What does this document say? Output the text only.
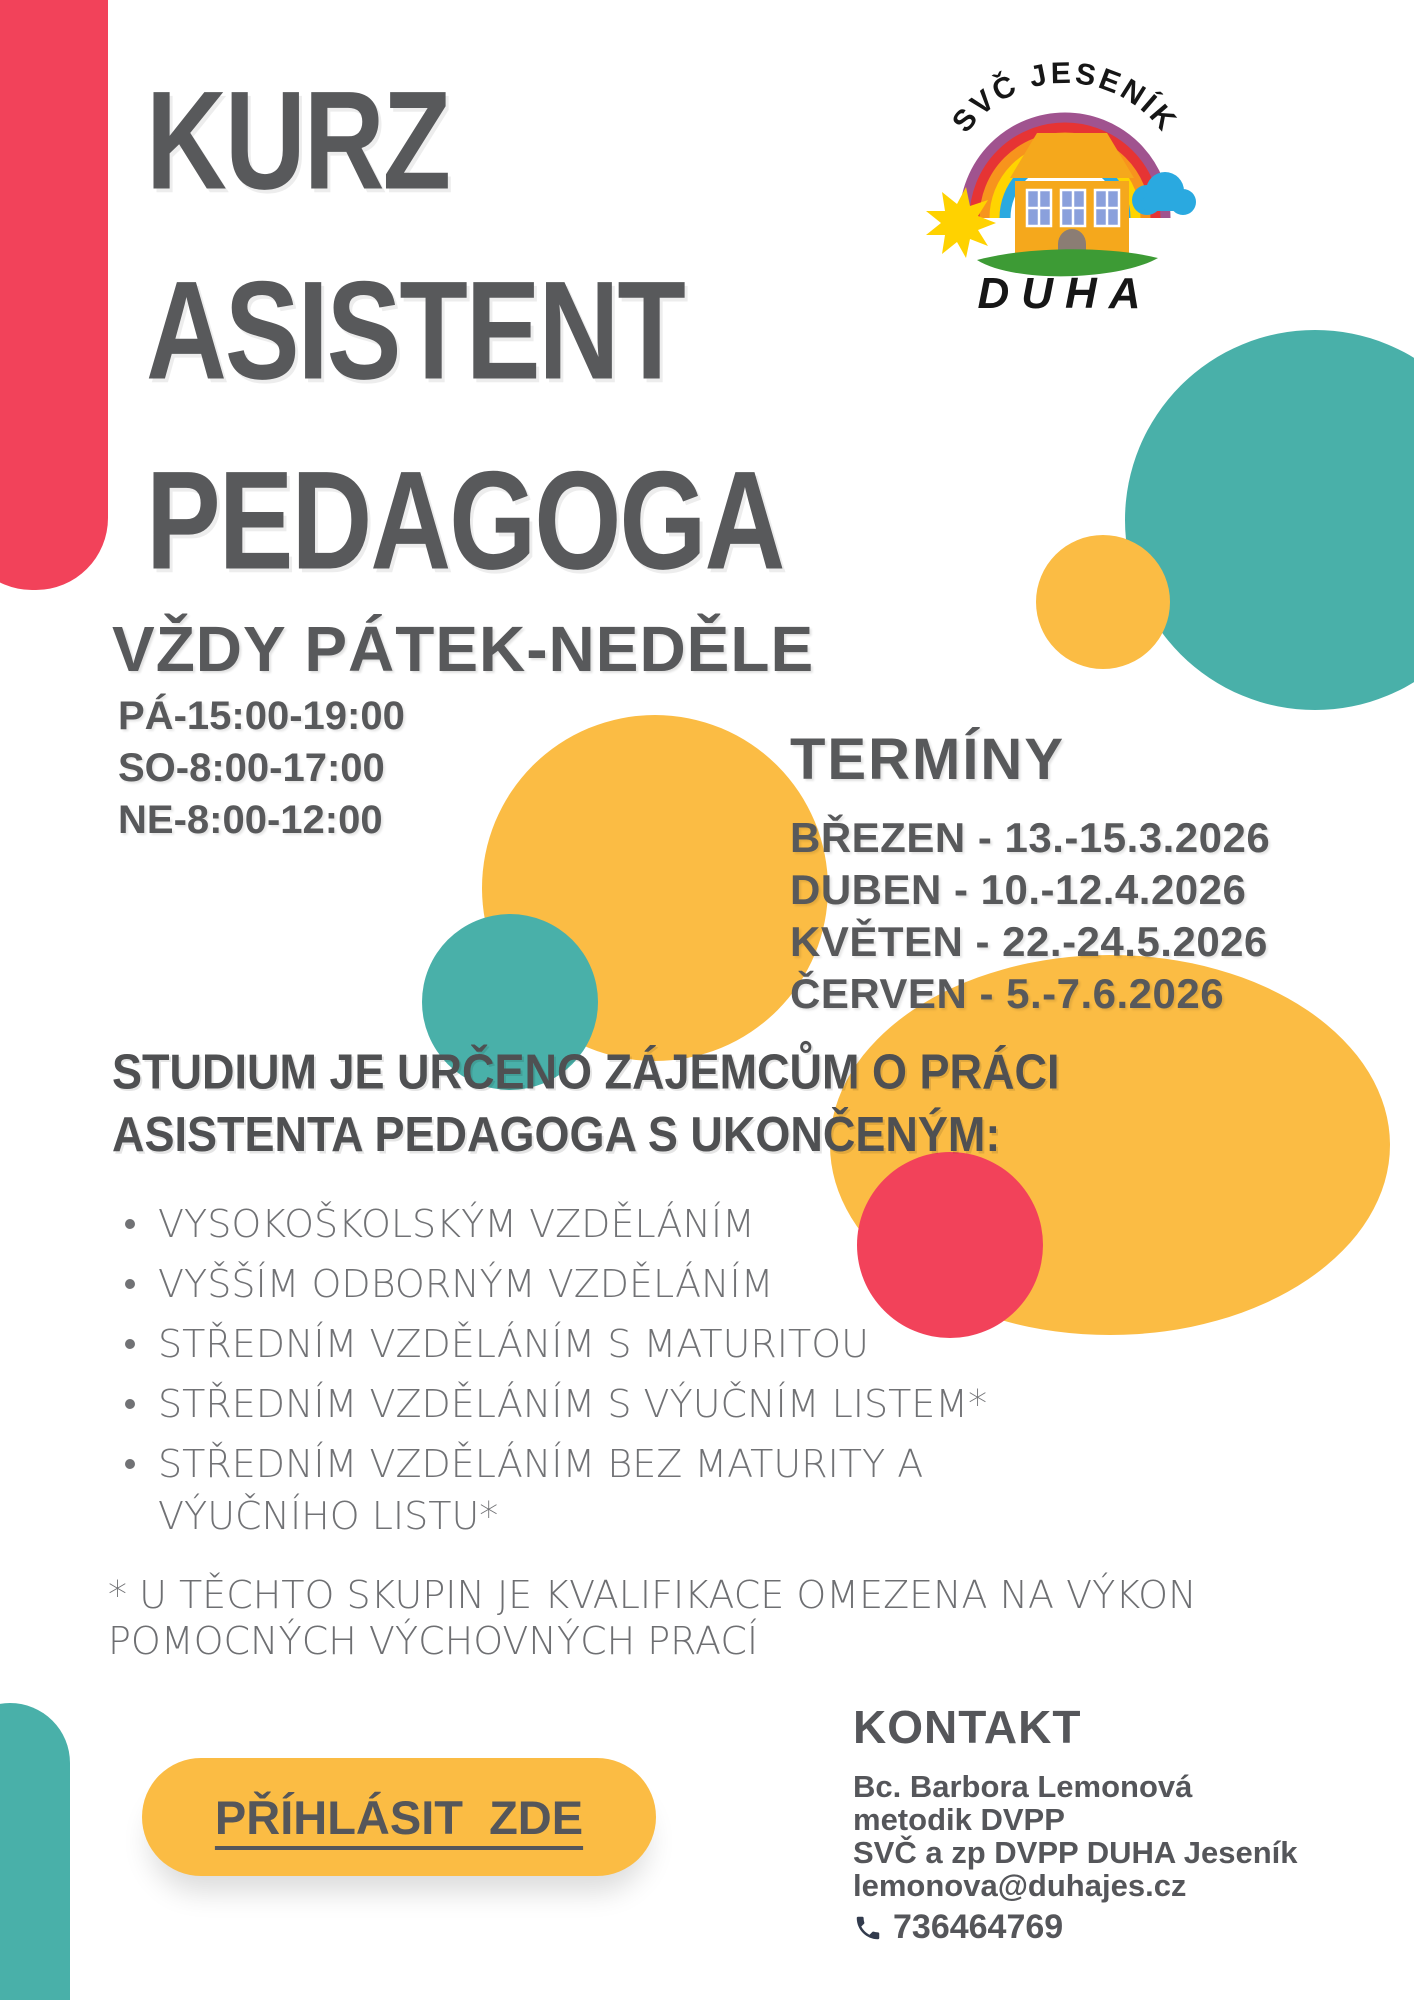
SVČ JESENÍK
DUHA
KURZ
ASISTENT
PEDAGOGA
VŽDY PÁTEK-NEDĚLE
PÁ-15:00-19:00
SO-8:00-17:00
NE-8:00-12:00
TERMÍNY
BŘEZEN - 13.-15.3.2026
DUBEN - 10.-12.4.2026
KVĚTEN - 22.-24.5.2026
ČERVEN - 5.-7.6.2026
STUDIUM JE URČENO ZÁJEMCŮM O PRÁCI
ASISTENTA PEDAGOGA S UKONČENÝM:
VYSOKOŠKOLSKÝM VZDĚLÁNÍM
VYŠŠÍM ODBORNÝM VZDĚLÁNÍM
STŘEDNÍM VZDĚLÁNÍM S MATURITOU
STŘEDNÍM VZDĚLÁNÍM S VÝUČNÍM LISTEM*
STŘEDNÍM VZDĚLÁNÍM BEZ MATURITY A VÝUČNÍHO LISTU*
* U TĚCHTO SKUPIN JE KVALIFIKACE OMEZENA NA VÝKON
POMOCNÝCH VÝCHOVNÝCH PRACÍ
PŘÍHLÁSIT  ZDE
KONTAKT
Bc. Barbora Lemonová
metodik DVPP
SVČ a zp DVPP DUHA Jeseník
lemonova@duhajes.cz
736464769
